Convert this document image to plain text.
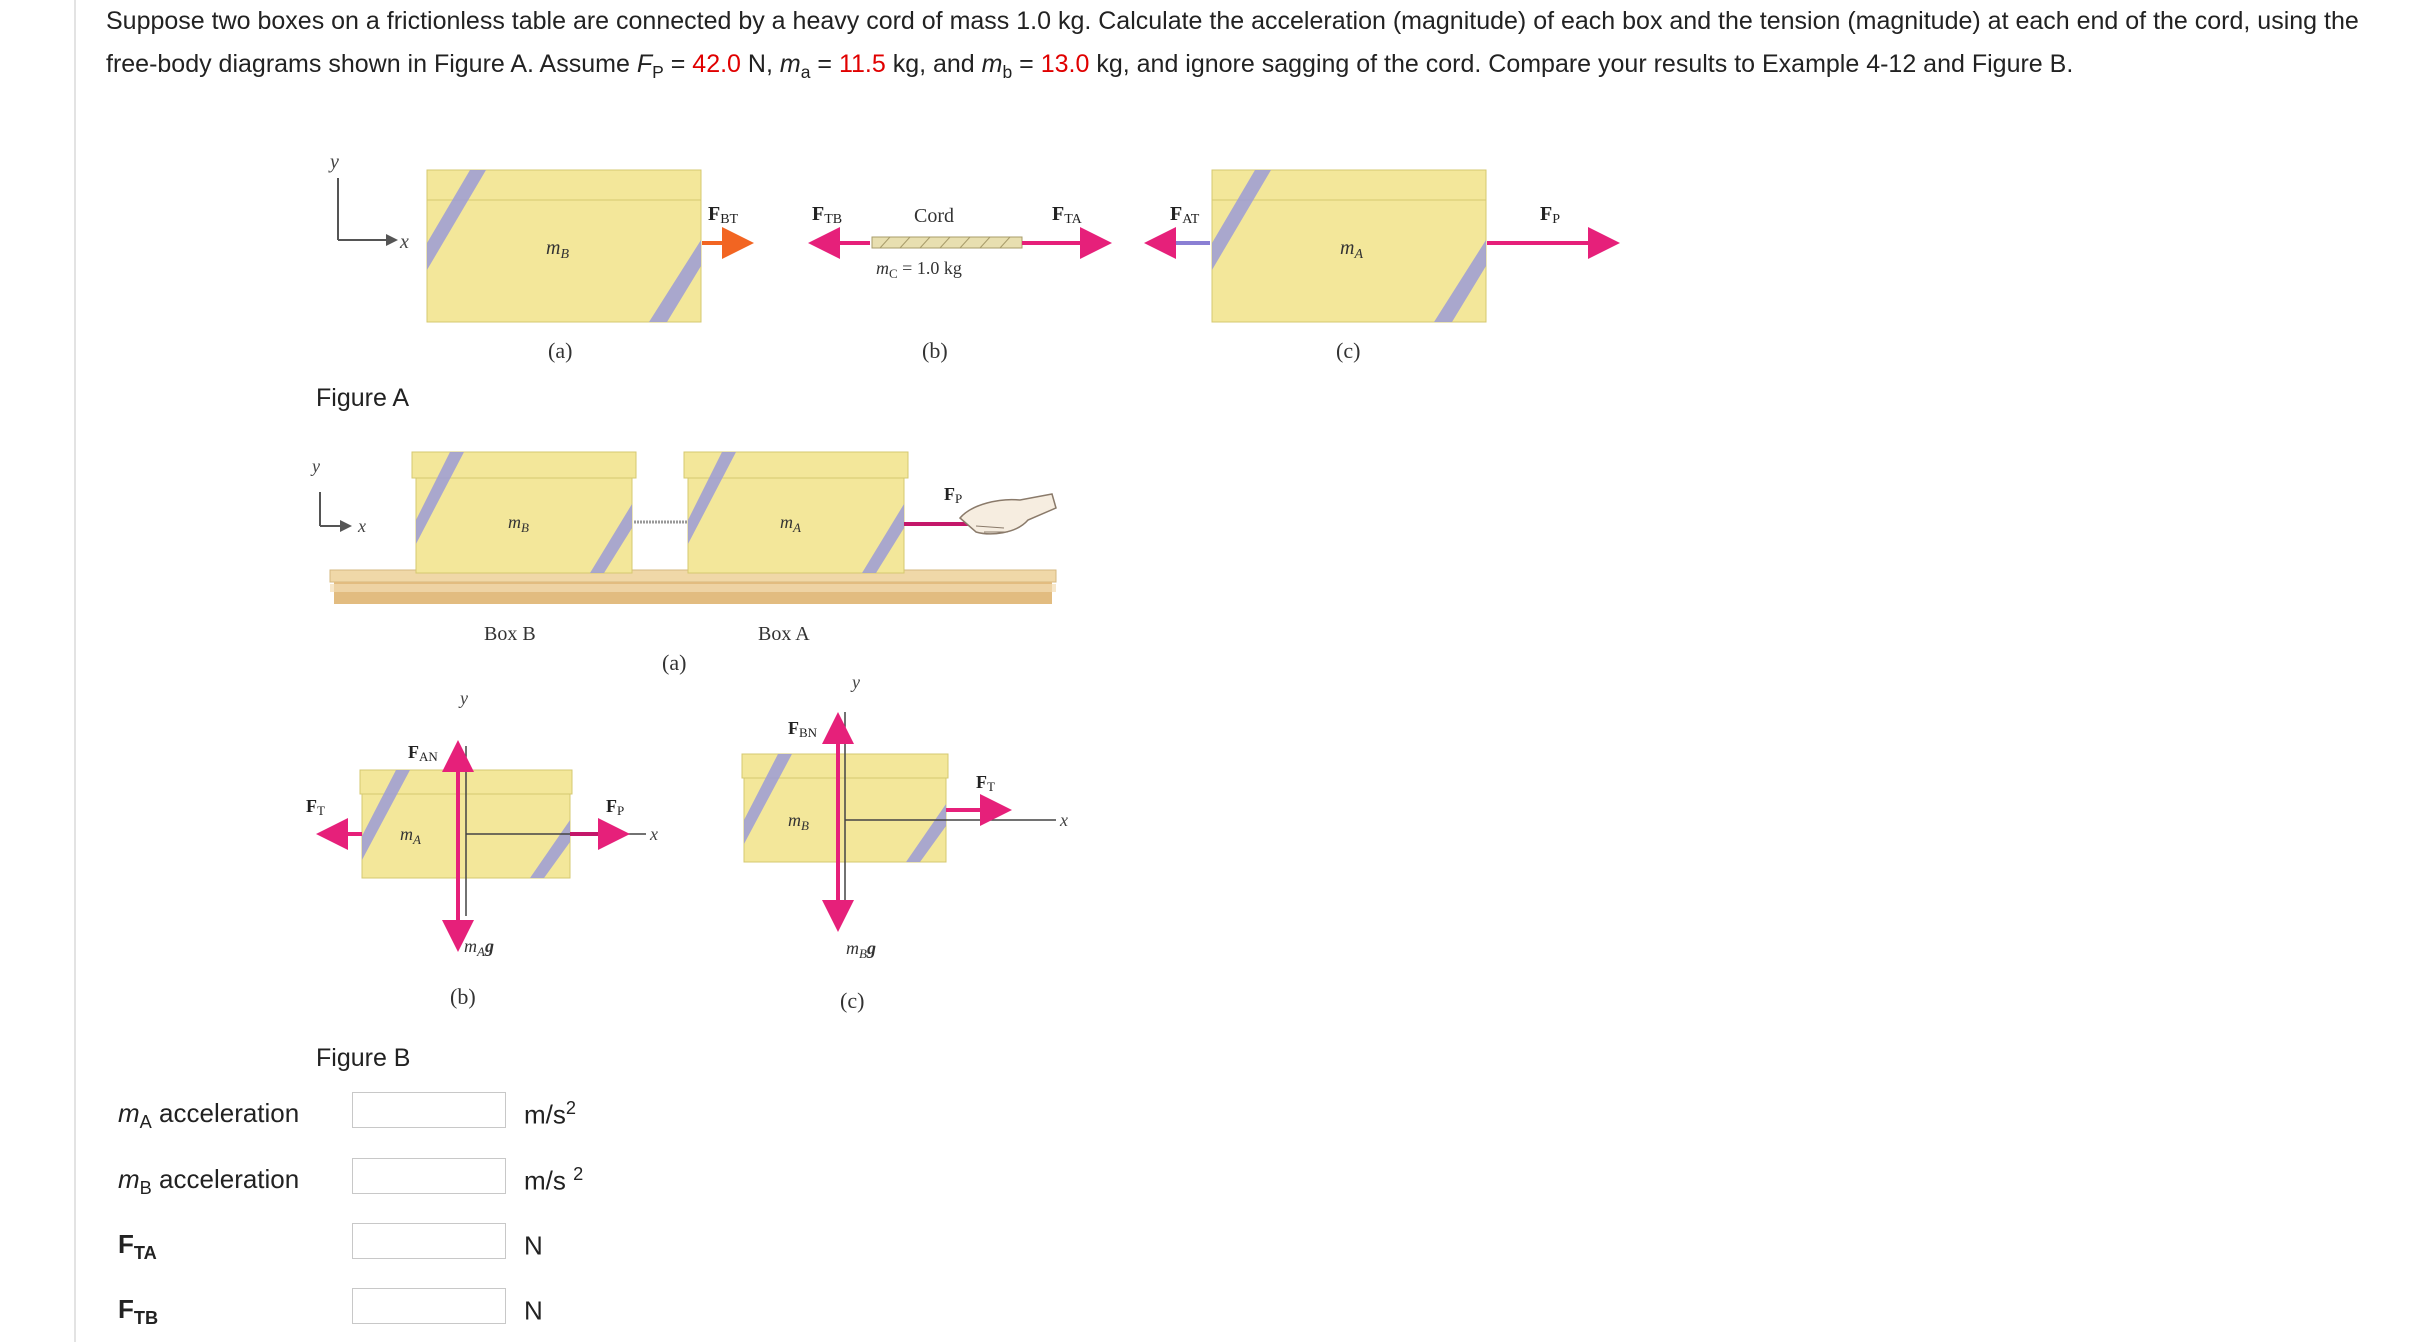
Suppose two boxes on a frictionless table are connected by a heavy cord of mass 1.0 kg. Calculate the acceleration (magnitude) of each box and the tension (magnitude) at each end of the cord, using the free-body diagrams shown in Figure A. Assume $F_P = 42.0$ N, $m_a = 11.5$ kg, and $m_b = 13.0$ kg, and ignore sagging of the cord. Compare your results to Example 4-12 and Figure B.

y
x	$m_B$
(a)
FBT	FTB	Cord
$m_C = 1.0$ kg
(b)
FTA	FAT
$m_A$
(c)
FP
Figure A
y
x	$m_B$	$m_A$
FP
Box B	Box A
(a)
$m_A$
y
x
FAN
$m_Ag$
FT	FP
(b)
$m_B$
y
x
FBN
$m_Bg$
FT
(c)
Figure B
$m_A$ acceleration	$m/s^2$
$m_B$ acceleration	m/s $^2$
$F_{TA}$	N
$F_{TB}$	N
